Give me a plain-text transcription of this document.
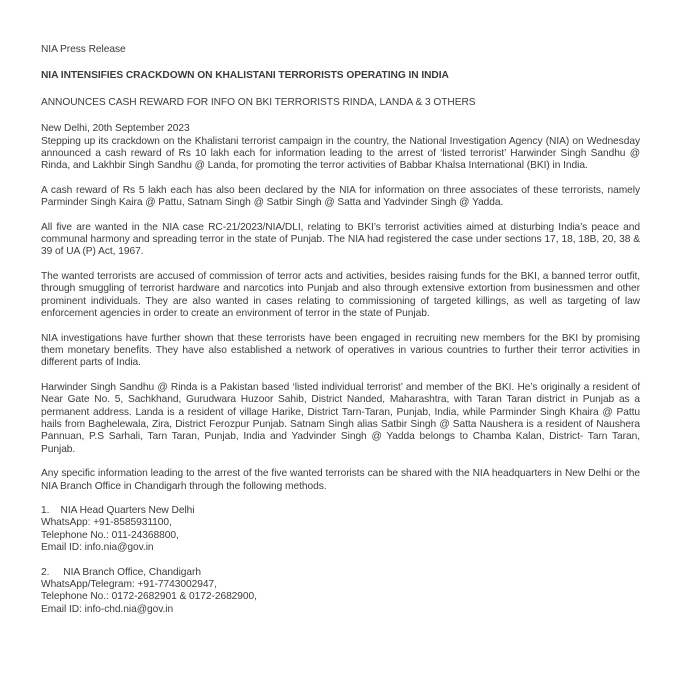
NIA Press Release
NIA INTENSIFIES CRACKDOWN ON KHALISTANI TERRORISTS OPERATING IN INDIA
ANNOUNCES CASH REWARD FOR INFO ON BKI TERRORISTS RINDA, LANDA & 3 OTHERS
New Delhi, 20th September 2023

Stepping up its crackdown on the Khalistani terrorist campaign in the country, the National Investigation Agency (NIA) on Wednesday announced a cash reward of Rs 10 lakh each for information leading to the arrest of ‘listed terrorist’ Harwinder Singh Sandhu @ Rinda, and Lakhbir Singh Sandhu @ Landa, for promoting the terror activities of Babbar Khalsa International (BKI) in India.

A cash reward of Rs 5 lakh each has also been declared by the NIA for information on three associates of these terrorists, namely Parminder Singh Kaira @ Pattu, Satnam Singh @ Satbir Singh @ Satta and Yadvinder Singh @ Yadda.

All five are wanted in the NIA case RC-21/2023/NIA/DLI, relating to BKI’s terrorist activities aimed at disturbing India’s peace and communal harmony and spreading terror in the state of Punjab. The NIA had registered the case under sections 17, 18, 18B, 20, 38 & 39 of UA (P) Act, 1967.

The wanted terrorists are accused of commission of terror acts and activities, besides raising funds for the BKI, a banned terror outfit, through smuggling of terrorist hardware and narcotics into Punjab and also through extensive extortion from businessmen and other prominent individuals. They are also wanted in cases relating to commissioning of targeted killings, as well as targeting of law enforcement agencies in order to create an environment of terror in the state of Punjab.

NIA investigations have further shown that these terrorists have been engaged in recruiting new members for the BKI by promising them monetary benefits. They have also established a network of operatives in various countries to further their terror activities in different parts of India.

Harwinder Singh Sandhu @ Rinda is a Pakistan based ‘listed individual terrorist’ and member of the BKI. He’s originally a resident of Near Gate No. 5, Sachkhand, Gurudwara Huzoor Sahib, District Nanded, Maharashtra, with Taran Taran district in Punjab as a permanent address. Landa is a resident of village Harike, District Tarn-Taran, Punjab, India, while Parminder Singh Khaira @ Pattu hails from Baghelewala, Zira, District Ferozpur Punjab. Satnam Singh alias Satbir Singh @ Satta Naushera is a resident of Naushera Pannuan, P.S Sarhali, Tarn Taran, Punjab, India and Yadvinder Singh @ Yadda belongs to Chamba Kalan, District- Tarn Taran, Punjab.

Any specific information leading to the arrest of the five wanted terrorists can be shared with the NIA headquarters in New Delhi or the NIA Branch Office in Chandigarh through the following methods.

1.    NIA Head Quarters New Delhi
WhatsApp: +91-8585931100,
Telephone No.: 011-24368800,
Email ID: info.nia@gov.in
2.     NIA Branch Office, Chandigarh
WhatsApp/Telegram: +91-7743002947,
Telephone No.: 0172-2682901 & 0172-2682900,
Email ID: info-chd.nia@gov.in
